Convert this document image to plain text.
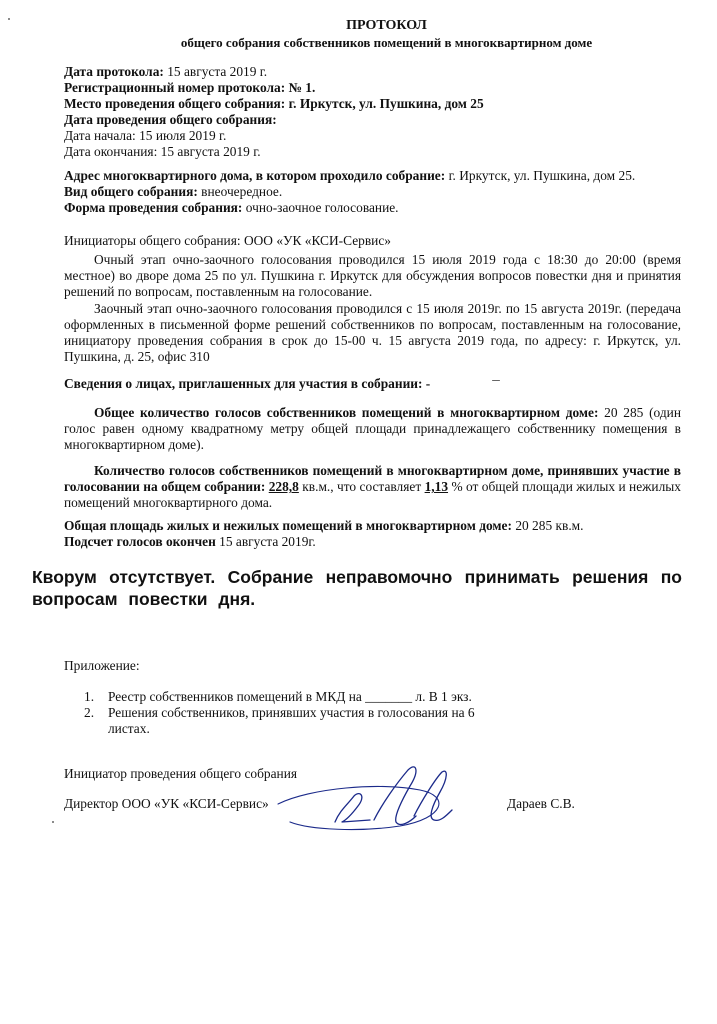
ПРОТОКОЛ
общего собрания собственников помещений в многоквартирном доме
Дата протокола: 15 августа 2019 г.
Регистрационный номер протокола: № 1.
Место проведения общего собрания: г. Иркутск, ул. Пушкина, дом 25
Дата проведения общего собрания:
Дата начала: 15 июля 2019 г.
Дата окончания: 15 августа 2019 г.
Адрес многоквартирного дома, в котором проходило собрание: г. Иркутск, ул. Пушкина, дом 25.
Вид общего собрания: внеочередное.
Форма проведения собрания: очно-заочное голосование.
Инициаторы общего собрания: ООО «УК «КСИ-Сервис»
Очный этап очно-заочного голосования проводился 15 июля 2019 года с 18:30 до 20:00 (время местное) во дворе дома 25 по ул. Пушкина г. Иркутск для обсуждения вопросов повестки дня и принятия решений по вопросам, поставленным на голосование.
Заочный этап очно-заочного голосования проводился с 15 июля 2019г. по 15 августа 2019г. (передача оформленных в письменной форме решений собственников по вопросам, поставленным на голосование, инициатору проведения собрания в срок до 15-00 ч. 15 августа 2019 года, по адресу: г. Иркутск, ул. Пушкина, д. 25, офис 310
Сведения о лицах, приглашенных для участия в собрании: -
Общее количество голосов собственников помещений в многоквартирном доме: 20 285 (один голос равен одному квадратному метру общей площади принадлежащего собственнику помещения в многоквартирном доме).
Количество голосов собственников помещений в многоквартирном доме, принявших участие в голосовании на общем собрании: 228,8 кв.м., что составляет 1,13 % от общей площади жилых и нежилых помещений многоквартирного дома.
Общая площадь жилых и нежилых помещений в многоквартирном доме: 20 285 кв.м.
Подсчет голосов окончен 15 августа 2019г.
Кворум отсутствует. Собрание неправомочно принимать решения по вопросам повестки дня.
Приложение:
1.	Реестр собственников помещений в МКД на _______ л. В 1 экз.
2.	Решения собственников, принявших участия в голосования на 6 листах.
Инициатор проведения общего собрания
Директор ООО «УК «КСИ-Сервис»	Дараев С.В.
